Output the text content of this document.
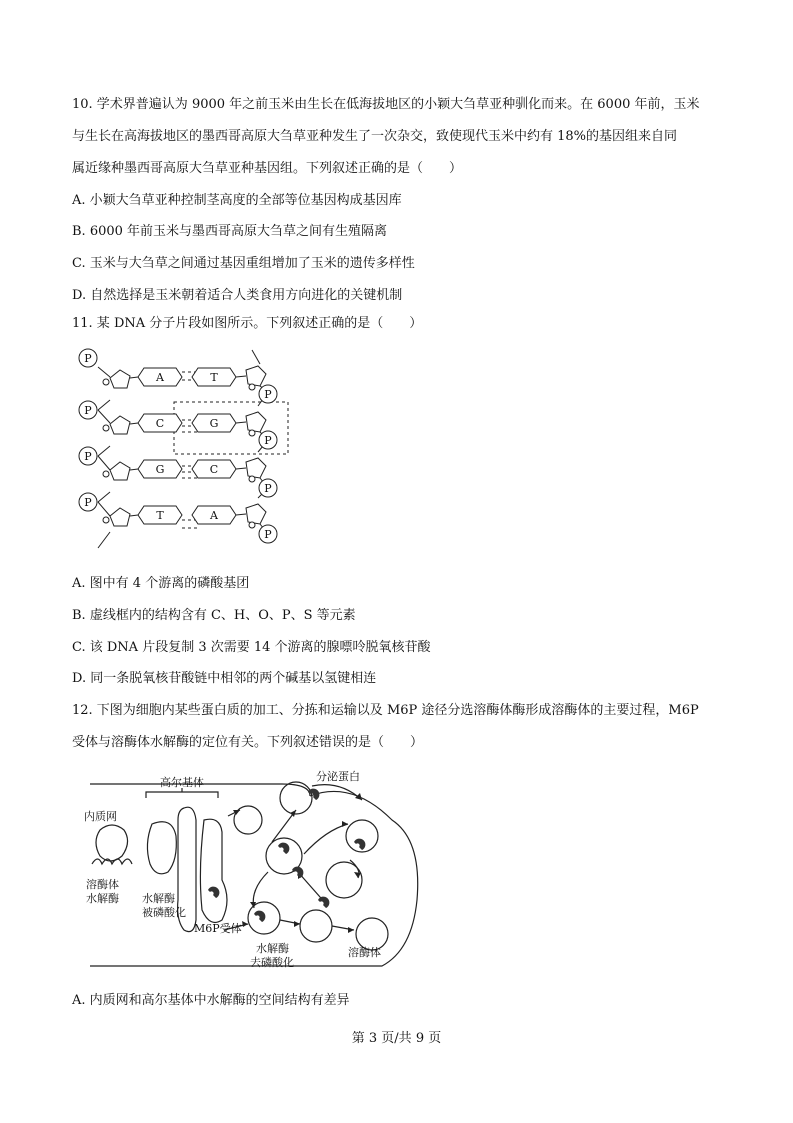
10. 学术界普遍认为 9000 年之前玉米由生长在低海拔地区的小颖大刍草亚种驯化而来。在 6000 年前，玉米
与生长在高海拔地区的墨西哥高原大刍草亚种发生了一次杂交，致使现代玉米中约有 18%的基因组来自同
属近缘种墨西哥高原大刍草亚种基因组。下列叙述正确的是（　　）
A. 小颖大刍草亚种控制茎高度的全部等位基因构成基因库
B. 6000 年前玉米与墨西哥高原大刍草之间有生殖隔离
C. 玉米与大刍草之间通过基因重组增加了玉米的遗传多样性
D. 自然选择是玉米朝着适合人类食用方向进化的关键机制
11. 某 DNA 分子片段如图所示。下列叙述正确的是（　　）
P
P
P
P
P
P
P
P
A	T
C	G
G	C
T	A
A. 图中有 4 个游离的磷酸基团
B. 虚线框内的结构含有 C、H、O、P、S 等元素
C. 该 DNA 片段复制 3 次需要 14 个游离的腺嘌呤脱氧核苷酸
D. 同一条脱氧核苷酸链中相邻的两个碱基以氢键相连
12. 下图为细胞内某些蛋白质的加工、分拣和运输以及 M6P 途径分选溶酶体酶形成溶酶体的主要过程，M6P
受体与溶酶体水解酶的定位有关。下列叙述错误的是（　　）
高尔基体
内质网
分泌蛋白
溶酶体
水解酶 水解酶
被磷酸化
M6P受体
水解酶
去磷酸化
溶酶体
A. 内质网和高尔基体中水解酶的空间结构有差异
第 3 页/共 9 页
